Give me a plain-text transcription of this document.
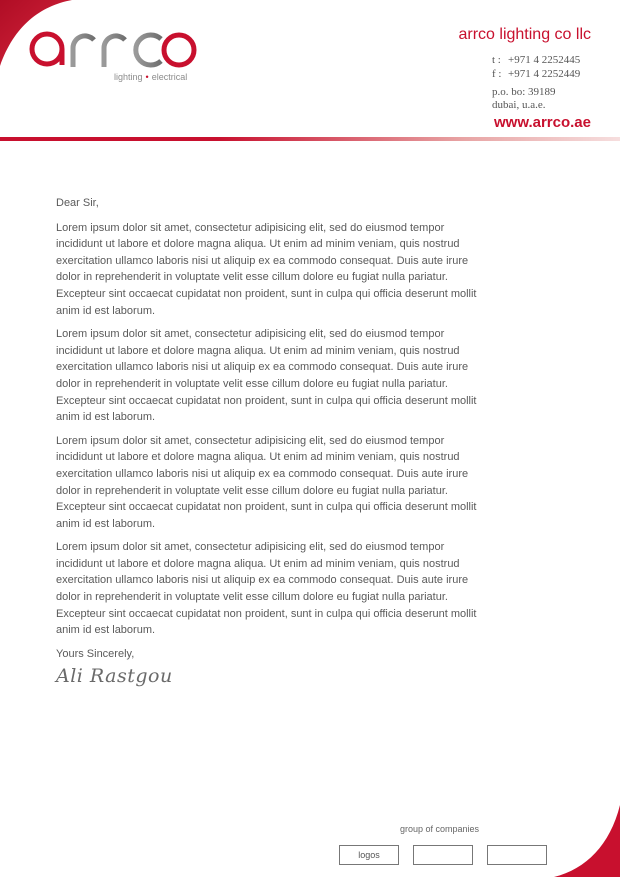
lighting • electrical
arrco lighting co llc
t : +971 4 2252445
f : +971 4 2252449
p.o. bo: 39189
dubai, u.a.e.
www.arrco.ae

Dear Sir,

Lorem ipsum dolor sit amet, consectetur adipisicing elit, sed do eiusmod tempor incididunt ut labore et dolore magna aliqua. Ut enim ad minim veniam, quis nostrud exercitation ullamco laboris nisi ut aliquip ex ea commodo consequat. Duis aute irure dolor in reprehenderit in voluptate velit esse cillum dolore eu fugiat nulla pariatur. Excepteur sint occaecat cupidatat non proident, sunt in culpa qui officia deserunt mollit anim id est laborum.

Lorem ipsum dolor sit amet, consectetur adipisicing elit, sed do eiusmod tempor incididunt ut labore et dolore magna aliqua. Ut enim ad minim veniam, quis nostrud exercitation ullamco laboris nisi ut aliquip ex ea commodo consequat. Duis aute irure dolor in reprehenderit in voluptate velit esse cillum dolore eu fugiat nulla pariatur. Excepteur sint occaecat cupidatat non proident, sunt in culpa qui officia deserunt mollit anim id est laborum.

Lorem ipsum dolor sit amet, consectetur adipisicing elit, sed do eiusmod tempor incididunt ut labore et dolore magna aliqua. Ut enim ad minim veniam, quis nostrud exercitation ullamco laboris nisi ut aliquip ex ea commodo consequat. Duis aute irure dolor in reprehenderit in voluptate velit esse cillum dolore eu fugiat nulla pariatur. Excepteur sint occaecat cupidatat non proident, sunt in culpa qui officia deserunt mollit anim id est laborum.

Lorem ipsum dolor sit amet, consectetur adipisicing elit, sed do eiusmod tempor incididunt ut labore et dolore magna aliqua. Ut enim ad minim veniam, quis nostrud exercitation ullamco laboris nisi ut aliquip ex ea commodo consequat. Duis aute irure dolor in reprehenderit in voluptate velit esse cillum dolore eu fugiat nulla pariatur. Excepteur sint occaecat cupidatat non proident, sunt in culpa qui officia deserunt mollit anim id est laborum.

Yours Sincerely,

Ali Rastgou
group of companies
logos
